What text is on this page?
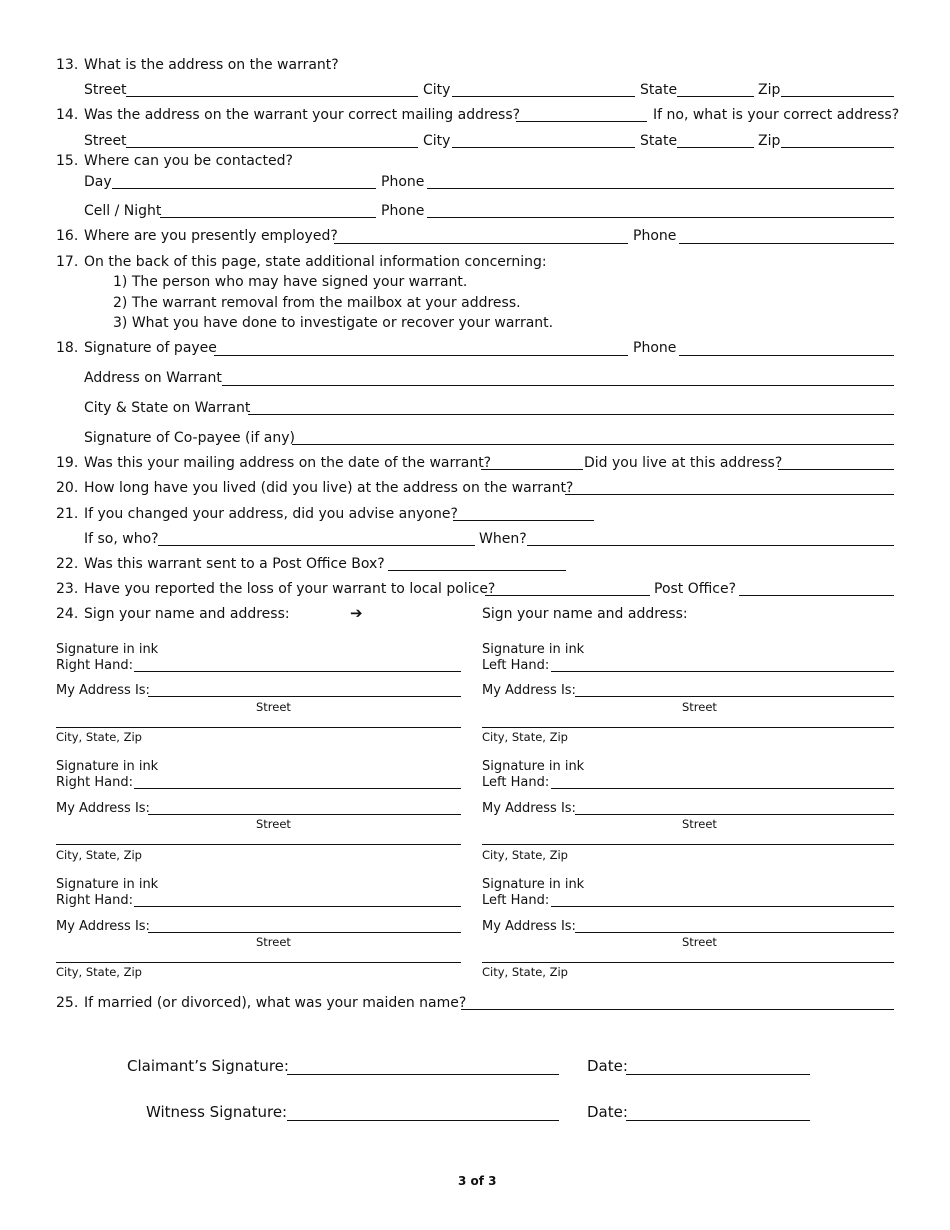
13. What is the address on the warrant?
Street	City	State	Zip
14. Was the address on the warrant your correct mailing address?	If no, what is your correct address?
Street	City	State	Zip
15. Where can you be contacted?
Day	Phone
Cell / Night	Phone
16. Where are you presently employed?	Phone
17. On the back of this page, state additional information concerning:
1) The person who may have signed your warrant.
2) The warrant removal from the mailbox at your address.
3) What you have done to investigate or recover your warrant.
18. Signature of payee	Phone
Address on Warrant
City & State on Warrant
Signature of Co-payee (if any)
19. Was this your mailing address on the date of the warrant?	Did you live at this address?
20. How long have you lived (did you live) at the address on the warrant?
21. If you changed your address, did you advise anyone?
If so, who?	When?
22. Was this warrant sent to a Post Office Box?
23. Have you reported the loss of your warrant to local police?	Post Office?
24. Sign your name and address:	➔	Sign your name and address:
Signature in ink
Right Hand:
My Address Is:
Street
City, State, Zip
Signature in ink
Left Hand:
My Address Is:
Street
City, State, Zip
Signature in ink
Right Hand:
My Address Is:
Street
City, State, Zip
Signature in ink
Left Hand:
My Address Is:
Street
City, State, Zip
Signature in ink
Right Hand:
My Address Is:
Street
City, State, Zip
Signature in ink
Left Hand:
My Address Is:
Street
City, State, Zip
25. If married (or divorced), what was your maiden name?
Claimant’s Signature:	Date:
Witness Signature:	Date:
3 of 3
